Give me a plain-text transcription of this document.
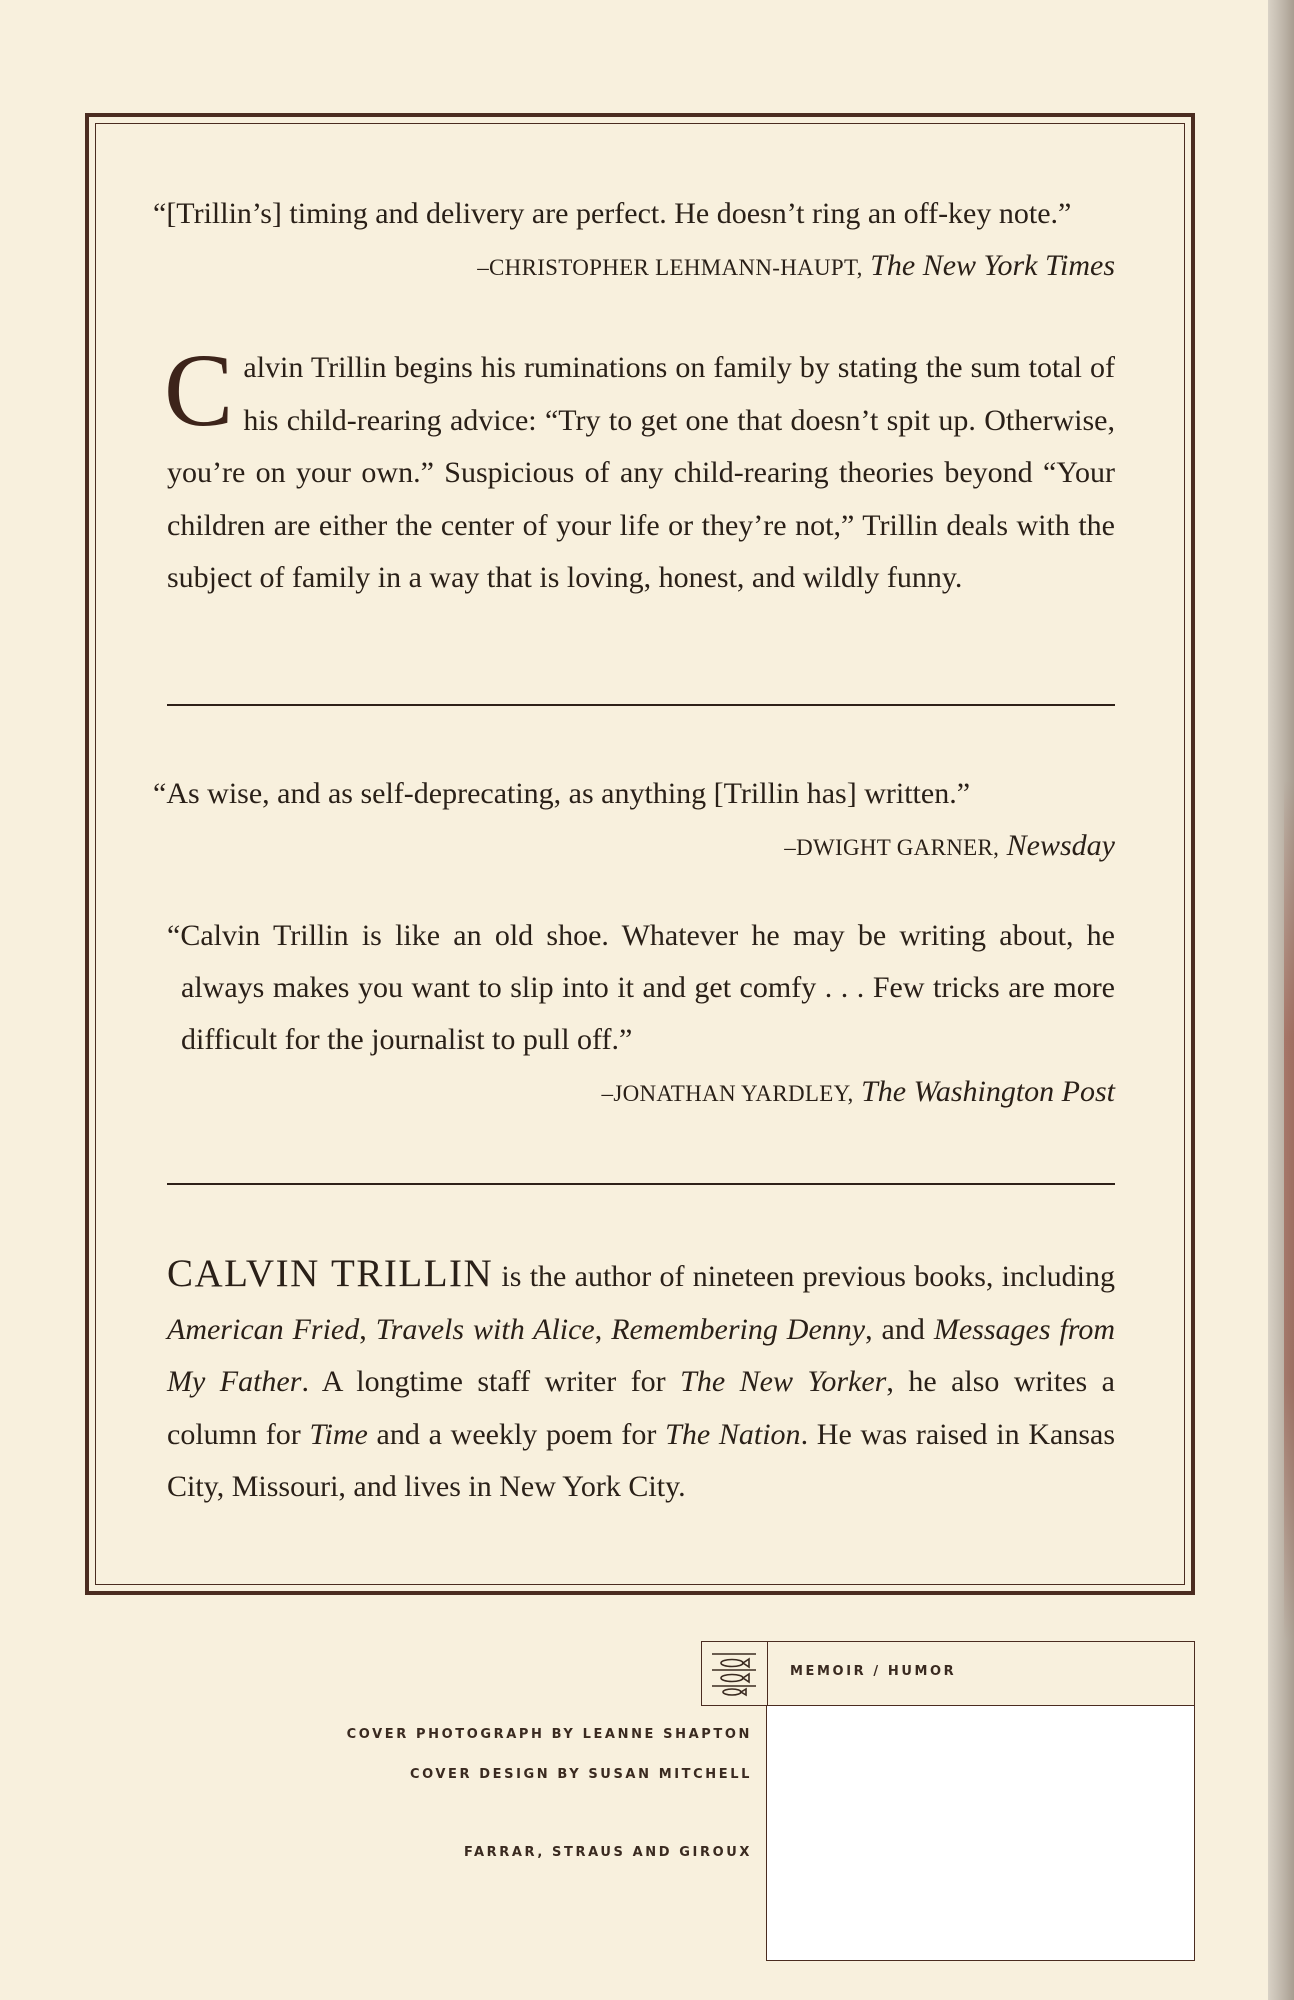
“[Trillin’s] timing and delivery are perfect. He doesn’t ring an off-key note.”
–CHRISTOPHER LEHMANN-HAUPT, The New York Times
Calvin Trillin begins his ruminations on family by stating the sum total of his child-rearing advice: “Try to get one that doesn’t spit up. Otherwise, you’re on your own.” Suspicious of any child-rearing theories beyond “Your children are either the center of your life or they’re not,” Trillin deals with the subject of family in a way that is loving, honest, and wildly funny.
“As wise, and as self-deprecating, as anything [Trillin has] written.”
–DWIGHT GARNER, Newsday
“Calvin Trillin is like an old shoe. Whatever he may be writing about, he always makes you want to slip into it and get comfy . . . Few tricks are more difficult for the journalist to pull off.”
–JONATHAN YARDLEY, The Washington Post
CALVIN TRILLIN is the author of nineteen previous books, including American Fried, Travels with Alice, Remembering Denny, and Messages from My Father. A longtime staff writer for The New Yorker, he also writes a column for Time and a weekly poem for The Nation. He was raised in Kansas City, Missouri, and lives in New York City.
COVER PHOTOGRAPH BY LEANNE SHAPTON
COVER DESIGN BY SUSAN MITCHELL
FARRAR, STRAUS AND GIROUX
MEMOIR / HUMOR
